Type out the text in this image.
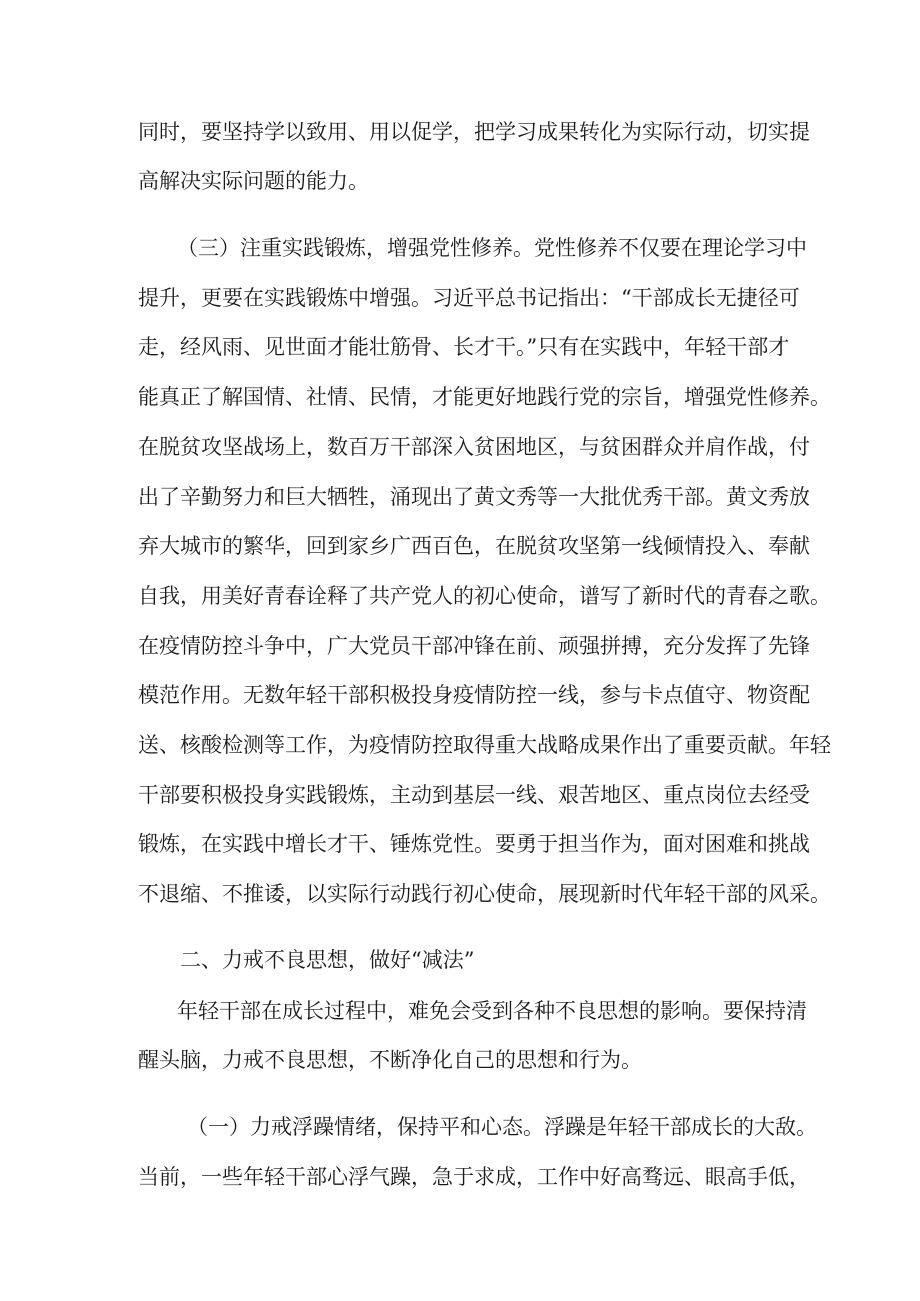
同时，要坚持学以致用、用以促学，把学习成果转化为实际行动，切实提
高解决实际问题的能力。
（三）注重实践锻炼，增强党性修养。党性修养不仅要在理论学习中
提升，更要在实践锻炼中增强。习近平总书记指出：“干部成长无捷径可
走，经风雨、见世面才能壮筋骨、长才干。”只有在实践中，年轻干部才
能真正了解国情、社情、民情，才能更好地践行党的宗旨，增强党性修养。
在脱贫攻坚战场上，数百万干部深入贫困地区，与贫困群众并肩作战，付
出了辛勤努力和巨大牺牲，涌现出了黄文秀等一大批优秀干部。黄文秀放
弃大城市的繁华，回到家乡广西百色，在脱贫攻坚第一线倾情投入、奉献
自我，用美好青春诠释了共产党人的初心使命，谱写了新时代的青春之歌。
在疫情防控斗争中，广大党员干部冲锋在前、顽强拼搏，充分发挥了先锋
模范作用。无数年轻干部积极投身疫情防控一线，参与卡点值守、物资配
送、核酸检测等工作，为疫情防控取得重大战略成果作出了重要贡献。年轻
干部要积极投身实践锻炼，主动到基层一线、艰苦地区、重点岗位去经受
锻炼，在实践中增长才干、锤炼党性。要勇于担当作为，面对困难和挑战
不退缩、不推诿，以实际行动践行初心使命，展现新时代年轻干部的风采。
二、力戒不良思想，做好“减法”
年轻干部在成长过程中，难免会受到各种不良思想的影响。要保持清
醒头脑，力戒不良思想，不断净化自己的思想和行为。
（一）力戒浮躁情绪，保持平和心态。浮躁是年轻干部成长的大敌。
当前，一些年轻干部心浮气躁，急于求成，工作中好高骛远、眼高手低，
